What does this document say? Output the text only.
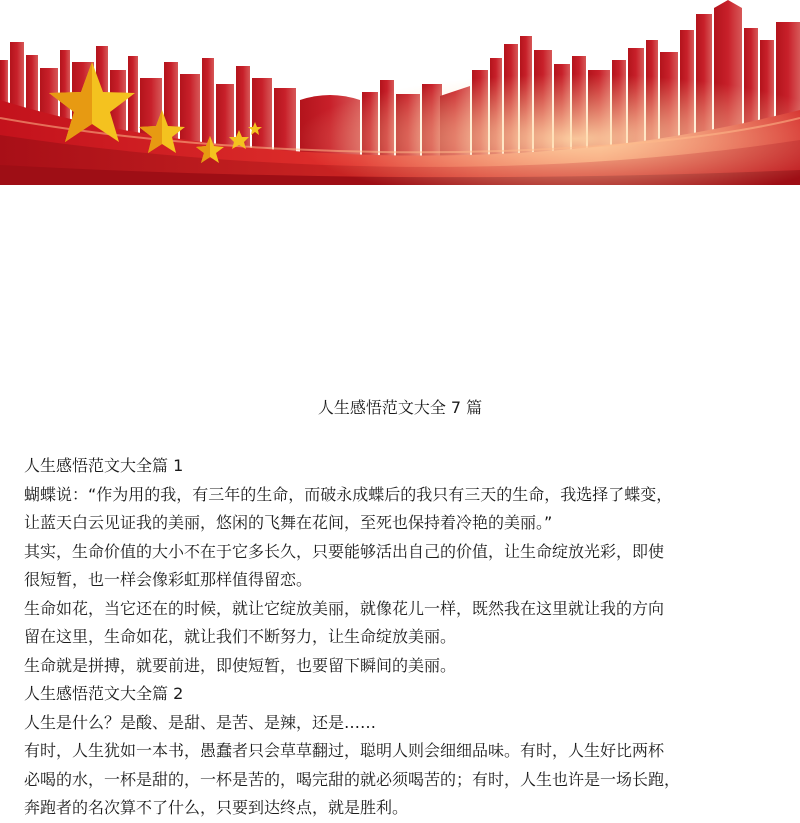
人生感悟范文大全 7 篇

人生感悟范文大全篇 1

蝴蝶说：“作为用的我，有三年的生命，而破永成蝶后的我只有三天的生命，我选择了蝶变，

让蓝天白云见证我的美丽，悠闲的飞舞在花间，至死也保持着冷艳的美丽。”

其实，生命价值的大小不在于它多长久，只要能够活出自己的价值，让生命绽放光彩，即使

很短暂，也一样会像彩虹那样值得留恋。

生命如花，当它还在的时候，就让它绽放美丽，就像花儿一样，既然我在这里就让我的方向

留在这里，生命如花，就让我们不断努力，让生命绽放美丽。

生命就是拼搏，就要前进，即使短暂，也要留下瞬间的美丽。

人生感悟范文大全篇 2

人生是什么？是酸、是甜、是苦、是辣，还是……

有时，人生犹如一本书，愚蠢者只会草草翻过，聪明人则会细细品味。有时，人生好比两杯

必喝的水，一杯是甜的，一杯是苦的，喝完甜的就必须喝苦的；有时，人生也许是一场长跑，

奔跑者的名次算不了什么，只要到达终点，就是胜利。
